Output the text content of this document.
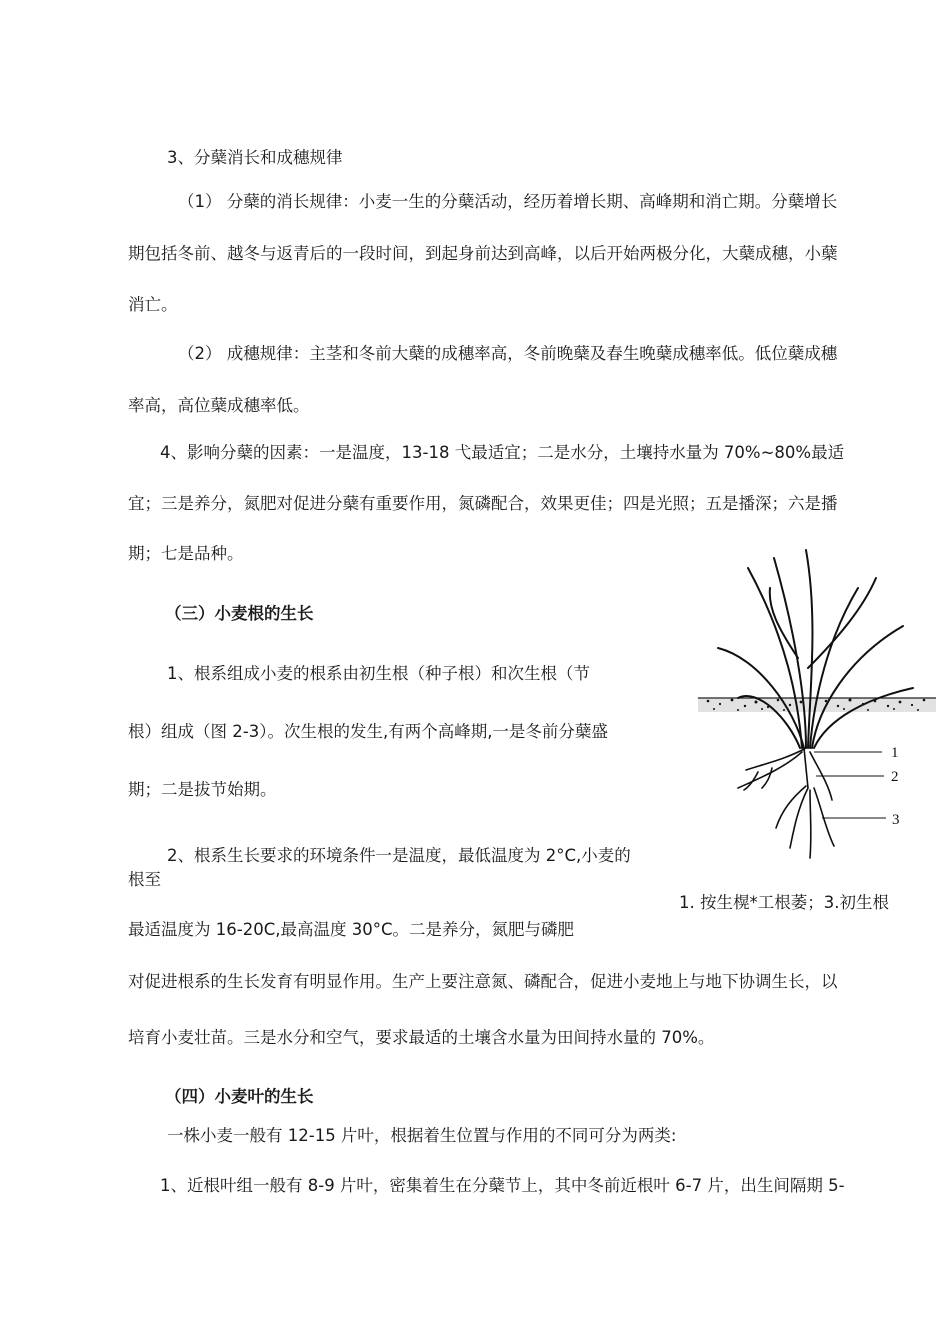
3、分蘖消长和成穗规律
（1） 分蘖的消长规律：小麦一生的分蘖活动，经历着增长期、高峰期和消亡期。分蘖增长
期包括冬前、越冬与返青后的一段时间，到起身前达到高峰，以后开始两极分化，大蘖成穗，小蘖
消亡。
（2） 成穗规律：主茎和冬前大蘖的成穗率高，冬前晚蘖及春生晚蘖成穗率低。低位蘖成穗
率高，高位蘖成穗率低。
4、影响分蘖的因素：一是温度，13-18 弋最适宜；二是水分，土壤持水量为 70%~80%最适
宜；三是养分，氮肥对促进分蘖有重要作用，氮磷配合，效果更佳；四是光照；五是播深；六是播
期；七是品种。
（三）小麦根的生长
1、根系组成小麦的根系由初生根（种子根）和次生根（节
根）组成（图 2-3）。次生根的发生,有两个高峰期,一是冬前分蘖盛
期；二是拔节始期。
2、根系生长要求的环境条件一是温度，最低温度为 2°C,小麦的
根至
1. 按生榥*工根萎；3.初生根
最适温度为 16-20C,最高温度 30°C。二是养分，氮肥与磷肥
对促进根系的生长发育有明显作用。生产上要注意氮、磷配合，促进小麦地上与地下协调生长，以
培育小麦壮苗。三是水分和空气，要求最适的土壤含水量为田间持水量的 70%。
（四）小麦叶的生长
一株小麦一般有 12-15 片叶，根据着生位置与作用的不同可分为两类:
1、近根叶组一般有 8-9 片叶，密集着生在分蘖节上，其中冬前近根叶 6-7 片，出生间隔期 5-
1
2
3
